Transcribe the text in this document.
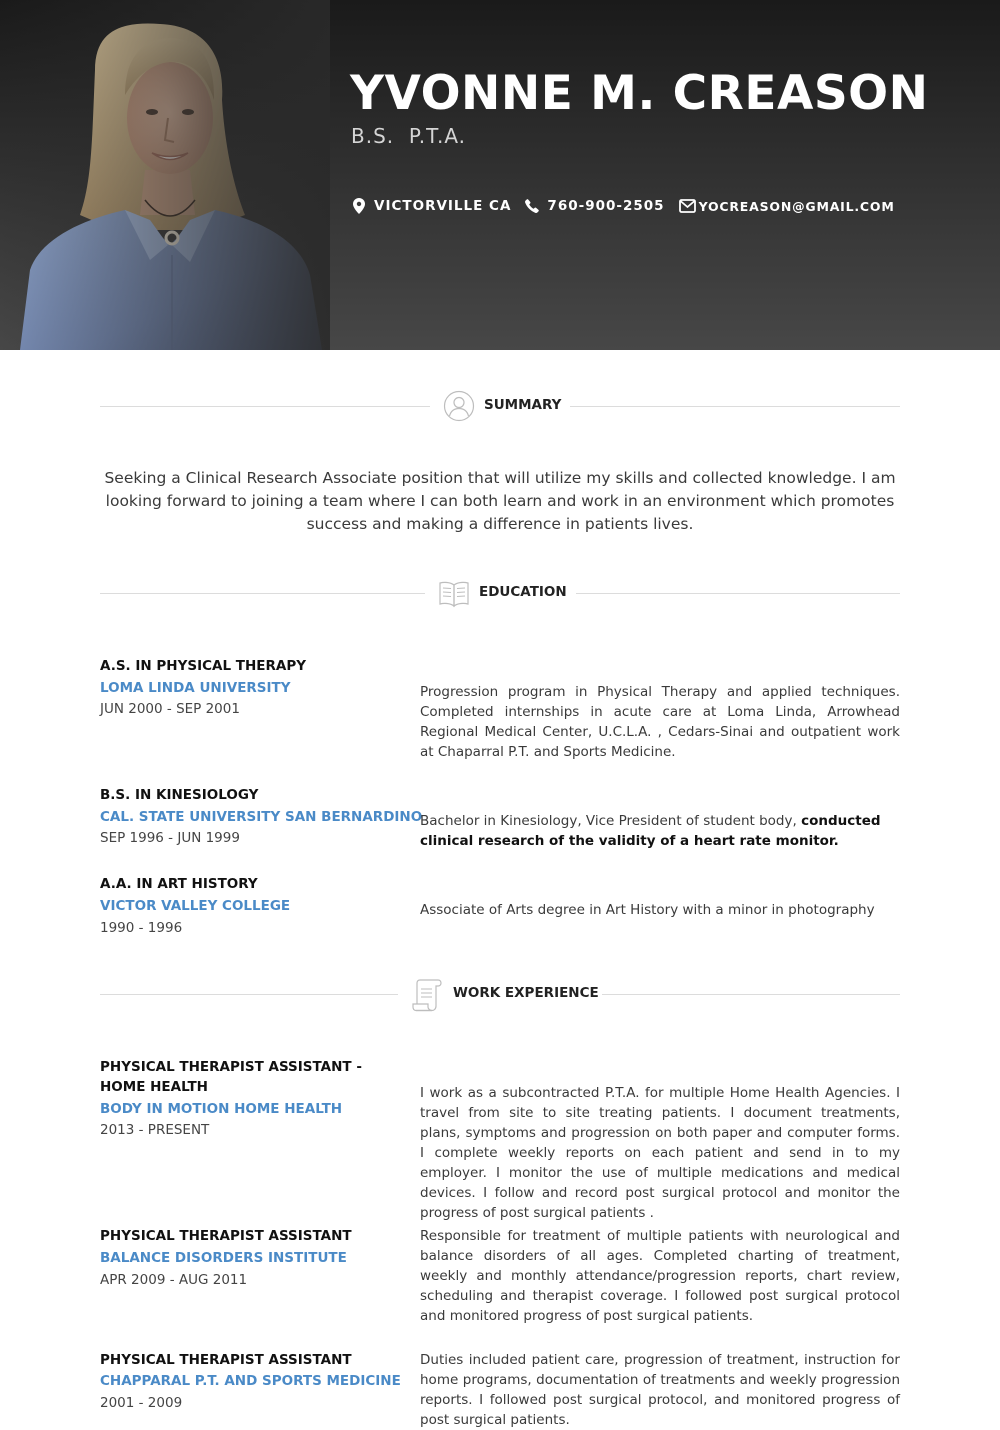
YVONNE M. CREASON
B.S.  P.T.A.
VICTORVILLE CA	760-900-2505	YOCREASON@GMAIL.COM
SUMMARY
Seeking a Clinical Research Associate position that will utilize my skills and collected knowledge. I am looking forward to joining a team where I can both learn and work in an environment which promotes success and making a difference in patients lives.
EDUCATION
A.S. IN PHYSICAL THERAPY
LOMA LINDA UNIVERSITY
JUN 2000 - SEP 2001
Progression program in Physical Therapy and applied techniques. Completed internships in acute care at Loma Linda, Arrowhead Regional Medical Center, U.C.L.A. , Cedars-Sinai and outpatient work at Chaparral P.T. and Sports Medicine.
B.S. IN KINESIOLOGY
CAL. STATE UNIVERSITY SAN BERNARDINO
SEP 1996 - JUN 1999
Bachelor in Kinesiology, Vice President of student body, conducted clinical research of the validity of a heart rate monitor.
A.A. IN ART HISTORY
VICTOR VALLEY COLLEGE
1990 - 1996
Associate of Arts degree in Art History with a minor in photography
WORK EXPERIENCE
PHYSICAL THERAPIST ASSISTANT - HOME HEALTH
BODY IN MOTION HOME HEALTH
2013 - PRESENT
I work as a subcontracted P.T.A. for multiple Home Health Agencies. I travel from site to site treating patients. I document treatments, plans, symptoms and progression on both paper and computer forms. I complete weekly reports on each patient and send in to my employer. I monitor the use of multiple medications and medical devices. I follow and record post surgical protocol and monitor the progress of post surgical patients .
PHYSICAL THERAPIST ASSISTANT
BALANCE DISORDERS INSTITUTE
APR 2009 - AUG 2011
Responsible for treatment of multiple patients with neurological and balance disorders of all ages. Completed charting of treatment, weekly and monthly attendance/progression reports, chart review, scheduling and therapist coverage. I followed post surgical protocol and monitored progress of post surgical patients.
PHYSICAL THERAPIST ASSISTANT
CHAPPARAL P.T. AND SPORTS MEDICINE
2001 - 2009
Duties included patient care, progression of treatment, instruction for home programs, documentation of treatments and weekly progression reports. I followed post surgical protocol, and monitored progress of post surgical patients.
